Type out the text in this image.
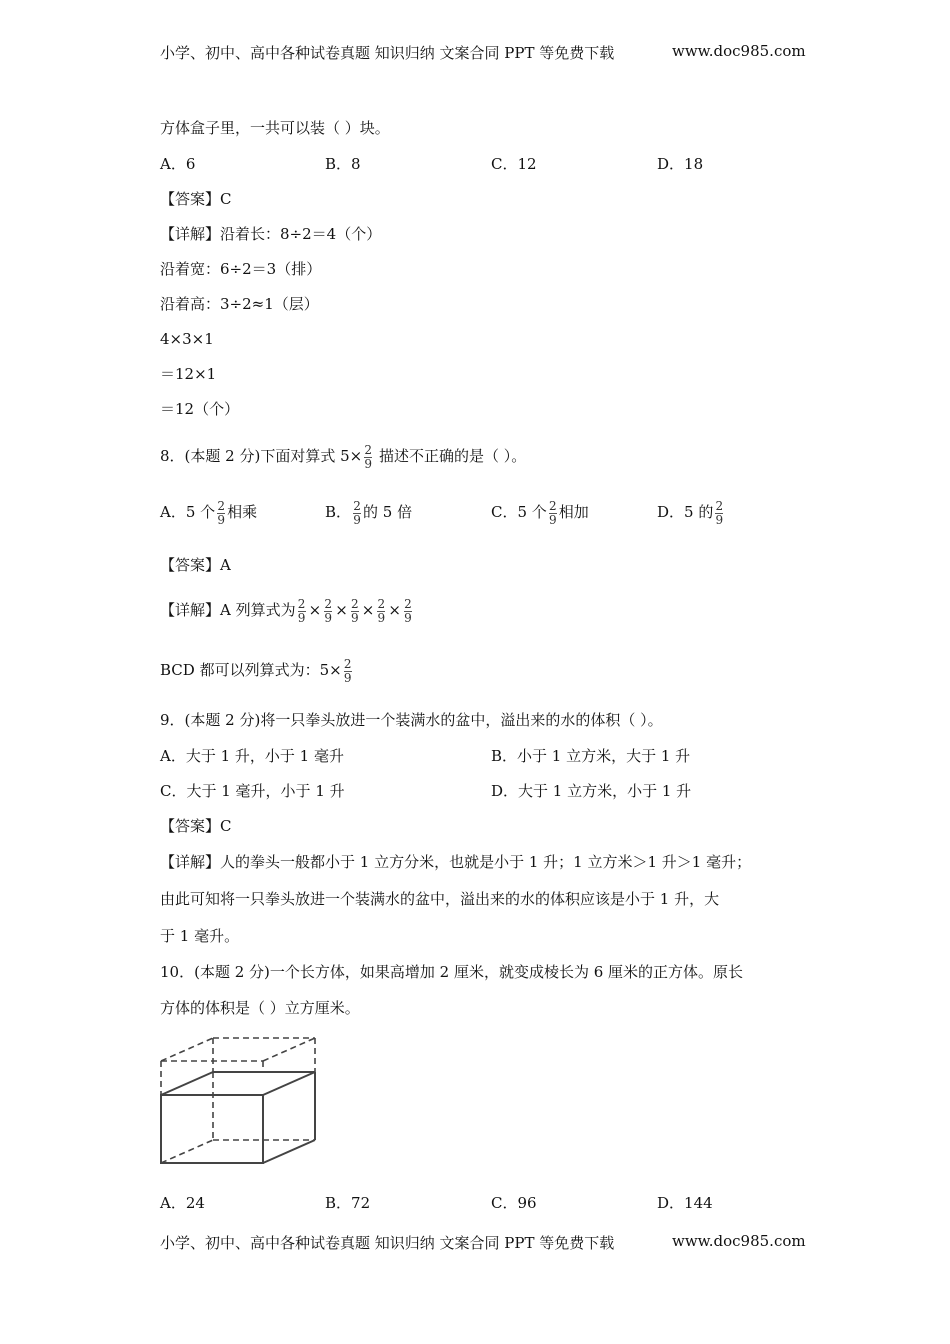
小学、初中、高中各种试卷真题 知识归纳 文案合同 PPT 等免费下载	www.doc985.com
方体盒子里，一共可以装（ ）块。
A．6	B．8	C．12	D．18
【答案】C
【详解】沿着长：8÷2＝4（个）
沿着宽：6÷2＝3（排）
沿着高：3÷2≈1（层）
4×3×1
＝12×1
＝12（个）
8．(本题 2 分)下面对算式 $5\times \frac{2}{9}$ 描述不正确的是（ ）。
A．5 个 $\frac{2}{9}$ 相乘	B． $\frac{2}{9}$ 的 5 倍	C．5 个 $\frac{2}{9}$ 相加	D．5 的 $\frac{2}{9}$
【答案】A
【详解】A 列算式为 $\frac{2}{9} \times \frac{2}{9} \times \frac{2}{9} \times \frac{2}{9} \times \frac{2}{9}$
BCD 都可以列算式为：$5\times \frac{2}{9}$
9．(本题 2 分)将一只拳头放进一个装满水的盆中，溢出来的水的体积（ ）。
A．大于 1 升，小于 1 毫升	B．小于 1 立方米，大于 1 升
C．大于 1 毫升，小于 1 升	D．大于 1 立方米，小于 1 升
【答案】C
【详解】人的拳头一般都小于 1 立方分米，也就是小于 1 升；1 立方米＞1 升＞1 毫升；
由此可知将一只拳头放进一个装满水的盆中，溢出来的水的体积应该是小于 1 升，大
于 1 毫升。
10．(本题 2 分)一个长方体，如果高增加 2 厘米，就变成棱长为 6 厘米的正方体。原长
方体的体积是（ ）立方厘米。
A．24	B．72	C．96	D．144
小学、初中、高中各种试卷真题 知识归纳 文案合同 PPT 等免费下载	www.doc985.com
